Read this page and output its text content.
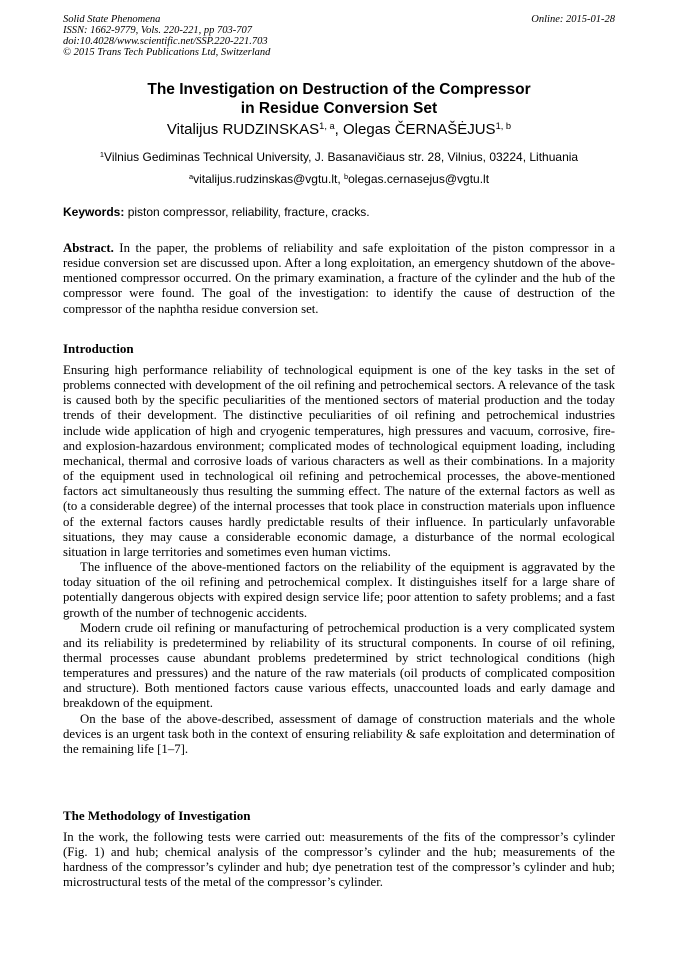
Solid State Phenomena
ISSN: 1662-9779, Vols. 220-221, pp 703-707
doi:10.4028/www.scientific.net/SSP.220-221.703
© 2015 Trans Tech Publications Ltd, Switzerland
Online: 2015-01-28
The Investigation on Destruction of the Compressor
in Residue Conversion Set
Vitalijus RUDZINSKAS$^{1, a}$, Olegas ČERNAŠĖJUS$^{1, b}$
$^1$Vilnius Gediminas Technical University, J. Basanavičiaus str. 28, Vilnius, 03224, Lithuania
$^a$vitalijus.rudzinskas@vgtu.lt, $^b$olegas.cernasejus@vgtu.lt
Keywords: piston compressor, reliability, fracture, cracks.
Abstract. In the paper, the problems of reliability and safe exploitation of the piston compressor in a residue conversion set are discussed upon. After a long exploitation, an emergency shutdown of the above-mentioned compressor occurred. On the primary examination, a fracture of the cylinder and the hub of the compressor were found. The goal of the investigation: to identify the cause of destruction of the compressor of the naphtha residue conversion set.
Introduction

Ensuring high performance reliability of technological equipment is one of the key tasks in the set of problems connected with development of the oil refining and petrochemical sectors. A relevance of the task is caused both by the specific peculiarities of the mentioned sectors of material production and the today trends of their development. The distinctive peculiarities of oil refining and petrochemical industries include wide application of high and cryogenic temperatures, high pressures and vacuum, corrosive, fire- and explosion-hazardous environment; complicated modes of technological equipment loading, including mechanical, thermal and corrosive loads of various characters as well as their combinations. In a majority of the equipment used in technological oil refining and petrochemical processes, the above-mentioned factors act simultaneously thus resulting the summing effect. The nature of the external factors as well as (to a considerable degree) of the internal processes that took place in construction materials upon influence of the external factors causes hardly predictable results of their influence. In particularly unfavorable situations, they may cause a considerable economic damage, a disturbance of the normal ecological situation in large territories and sometimes even human victims.

The influence of the above-mentioned factors on the reliability of the equipment is aggravated by the today situation of the oil refining and petrochemical complex. It distinguishes itself for a large share of potentially dangerous objects with expired design service life; poor attention to safety problems; and a fast growth of the number of technogenic accidents.

Modern crude oil refining or manufacturing of petrochemical production is a very complicated system and its reliability is predetermined by reliability of its structural components. In course of oil refining, thermal processes cause abundant problems predetermined by strict technological conditions (high temperatures and pressures) and the nature of the raw materials (oil products of complicated composition and structure). Both mentioned factors cause various effects, unaccounted loads and early damage and breakdown of the equipment.

On the base of the above-described, assessment of damage of construction materials and the whole devices is an urgent task both in the context of ensuring reliability & safe exploitation and determination of the remaining life [1–7].

The Methodology of Investigation

In the work, the following tests were carried out: measurements of the fits of the compressor’s cylinder (Fig. 1) and hub; chemical analysis of the compressor’s cylinder and the hub; measurements of the hardness of the compressor’s cylinder and hub; dye penetration test of the compressor’s cylinder and hub; microstructural tests of the metal of the compressor’s cylinder.
